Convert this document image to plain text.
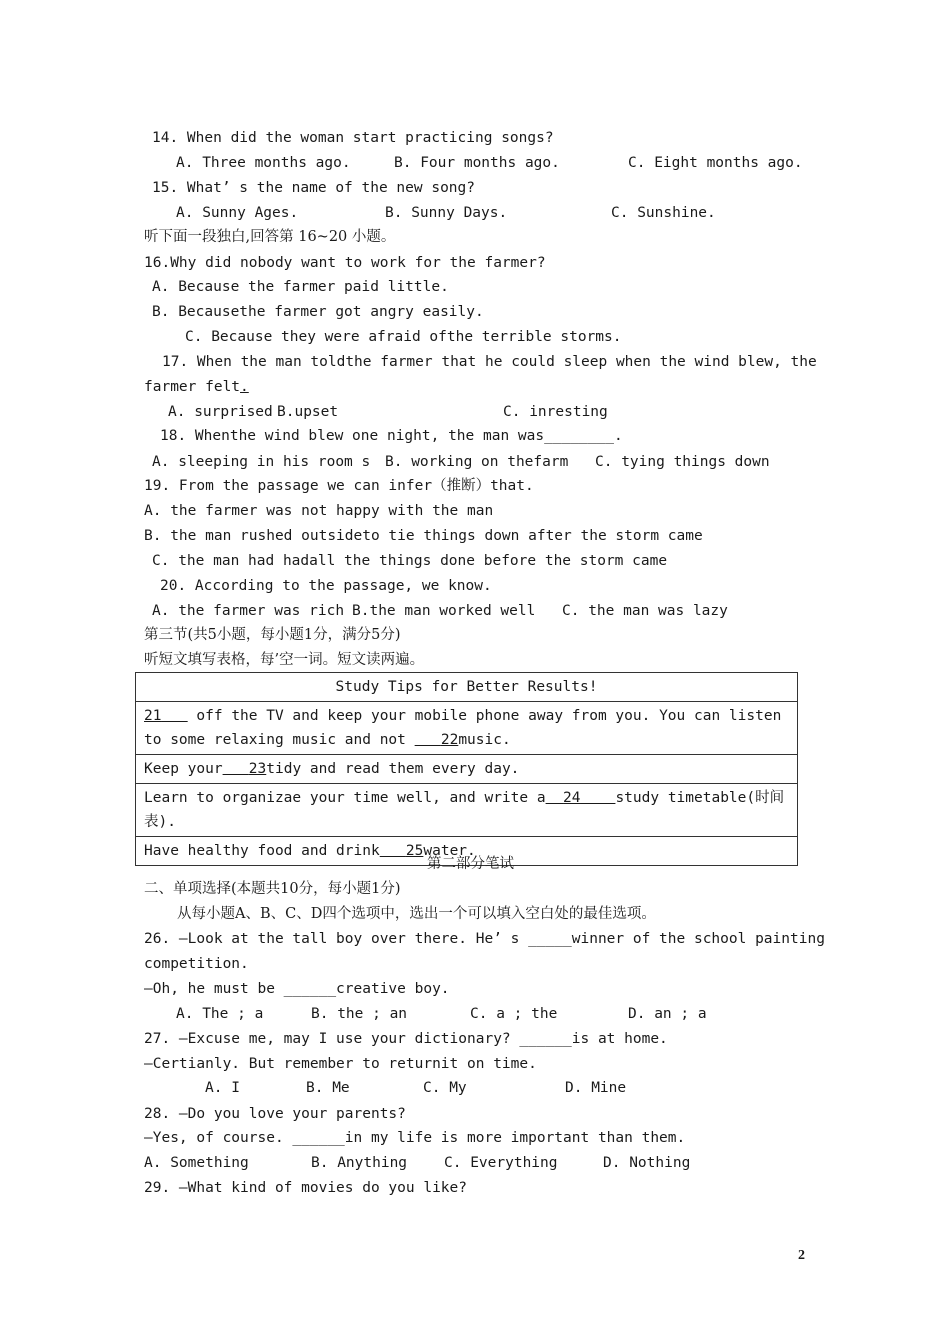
14. When did the woman start practicing songs?
A. Three months ago.	B. Four months ago.	C. Eight months ago.
15. What’ s the name of the new song?
A. Sunny Ages.	B. Sunny Days.	C. Sunshine.
听下面一段独白,回答第 16~20 小题。
16.Why did nobody want to work for the farmer?
A. Because the farmer paid little.
B. Becausethe farmer got angry easily.
C. Because they were afraid ofthe terrible storms.
17. When the man toldthe farmer that he could sleep when the wind blew, the
farmer felt.
A. surprised B.upset	C. inresting
18. Whenthe wind blew one night, the man was________.
A. sleeping in his room s B. working on thefarm C. tying things down
19. From the passage we can infer（推断）that.
A. the farmer was not happy with the man
B. the man rushed outsideto tie things down after the storm came
C. the man had hadall the things done before the storm came
20. According to the passage, we know.
A. the farmer was rich B.the man worked well C. the man was lazy
第三节(共5小题，每小题1分，满分5分)
听短文填写表格，每’空一词。短文读两遍。
Study Tips for Better Results!
21 off the TV and keep your mobile phone away from you. You can listen to some relaxing music and not 22music.
Keep your 23tidy and read them every day.
Learn to organizae your time well, and write a 24 study timetable(时间表).
Have healthy food and drink 25water.
第二部分笔试
二、单项选择(本题共10分，每小题1分)
从每小题A、B、C、D四个选项中，选出一个可以填入空白处的最佳选项。
26. —Look at the tall boy over there. He’ s _____winner of the school painting
competition.
—Oh, he must be ______creative boy.
A. The ; a	B. the ; an	C. a ; the	D. an ; a
27. —Excuse me, may I use your dictionary? ______is at home.
—Certianly. But remember to returnit on time.
A. I	B. Me	C. My	D. Mine
28. —Do you love your parents?
—Yes, of course. ______in my life is more important than them.
A. Something	B. Anything	C. Everything	D. Nothing
29. —What kind of movies do you like?
2
